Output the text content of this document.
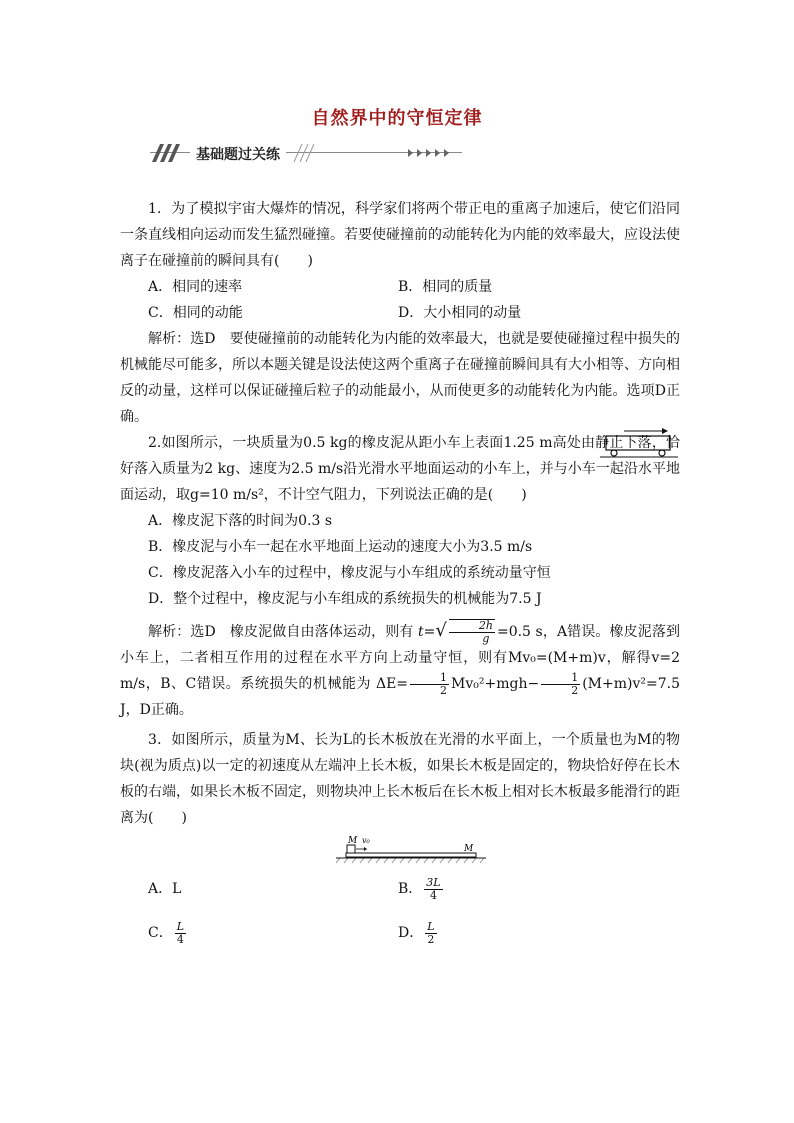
自然界中的守恒定律
基础题过关练

1．为了模拟宇宙大爆炸的情况，科学家们将两个带正电的重离子加速后，使它们沿同一条直线相向运动而发生猛烈碰撞。若要使碰撞前的动能转化为内能的效率最大，应设法使离子在碰撞前的瞬间具有(　　)

A．相同的速率	B．相同的质量
C．相同的动能	D．大小相同的动量

解析：选D　要使碰撞前的动能转化为内能的效率最大，也就是要使碰撞过程中损失的机械能尽可能多，所以本题关键是设法使这两个重离子在碰撞前瞬间具有大小相等、方向相反的动量，这样可以保证碰撞后粒子的动能最小，从而使更多的动能转化为内能。选项D正确。

2.如图所示，一块质量为0.5 kg的橡皮泥从距小车上表面1.25 m高处由静止下落，恰好落入质量为2 kg、速度为2.5 m/s沿光滑水平地面运动的小车上，并与小车一起沿水平地面运动，取g=10 m/s²，不计空气阻力，下列说法正确的是(　　)

A．橡皮泥下落的时间为0.3 s
B．橡皮泥与小车一起在水平地面上运动的速度大小为3.5 m/s
C．橡皮泥落入小车的过程中，橡皮泥与小车组成的系统动量守恒
D．整个过程中，橡皮泥与小车组成的系统损失的机械能为7.5 J

解析：选D　橡皮泥做自由落体运动，则有 $t=√ \frac{2h}{g} =0.5$ s，A错误。橡皮泥落到小车上，二者相互作用的过程在水平方向上动量守恒，则有Mv₀=(M+m)v，解得v=2 m/s，B、C错误。系统损失的机械能为 $\Delta E= \frac{1}{2} Mv_0^2+mgh- \frac{1}{2} (M+m)v^2=7.5$ J，D正确。

3．如图所示，质量为M、长为L的长木板放在光滑的水平面上，一个质量也为M的物块(视为质点)以一定的初速度从左端冲上长木板，如果长木板是固定的，物块恰好停在长木板的右端，如果长木板不固定，则物块冲上长木板后在长木板上相对长木板最多能滑行的距离为(　　)

M v₀
M
A．L	B． $\frac{3L}{4}$
C． $\frac{L}{4}$	D． $\frac{L}{2}$
